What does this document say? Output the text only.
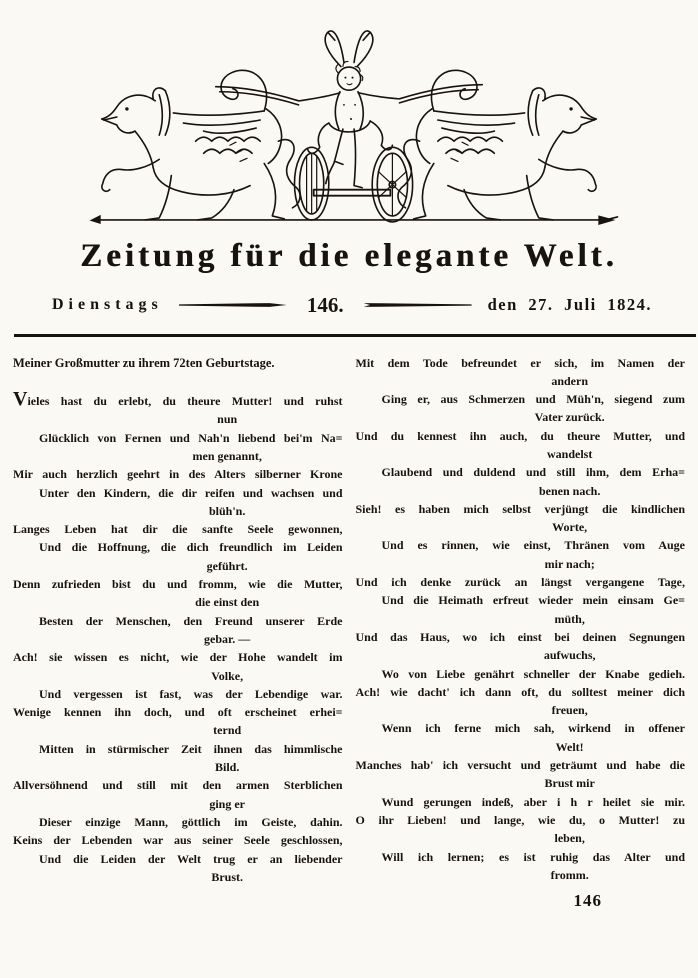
Zeitung für die elegante Welt.
Dienstags	146.	den 27. Juli 1824.
Meiner Großmutter zu ihrem 72ten Geburtstage.
Vieles hast du erlebt, du theure Mutter! und ruhst
nun
Glücklich von Fernen und Nah'n liebend bei'm Na=
men genannt,
Mir auch herzlich geehrt in des Alters silberner Krone
Unter den Kindern, die dir reifen und wachsen und
blüh'n.
Langes Leben hat dir die sanfte Seele gewonnen,
Und die Hoffnung, die dich freundlich im Leiden
geführt.
Denn zufrieden bist du und fromm, wie die Mutter,
die einst den
Besten der Menschen, den Freund unserer Erde
gebar. —
Ach! sie wissen es nicht, wie der Hohe wandelt im
Volke,
Und vergessen ist fast, was der Lebendige war.
Wenige kennen ihn doch, und oft erscheinet erhei=
ternd
Mitten in stürmischer Zeit ihnen das himmlische
Bild.
Allversöhnend und still mit den armen Sterblichen
ging er
Dieser einzige Mann, göttlich im Geiste, dahin.
Keins der Lebenden war aus seiner Seele geschlossen,
Und die Leiden der Welt trug er an liebender
Brust.
Mit dem Tode befreundet er sich, im Namen der
andern
Ging er, aus Schmerzen und Müh'n, siegend zum
Vater zurück.
Und du kennest ihn auch, du theure Mutter, und
wandelst
Glaubend und duldend und still ihm, dem Erha=
benen nach.
Sieh! es haben mich selbst verjüngt die kindlichen
Worte,
Und es rinnen, wie einst, Thränen vom Auge
mir nach;
Und ich denke zurück an längst vergangene Tage,
Und die Heimath erfreut wieder mein einsam Ge=
müth,
Und das Haus, wo ich einst bei deinen Segnungen
aufwuchs,
Wo von Liebe genährt schneller der Knabe gedieh.
Ach! wie dacht' ich dann oft, du solltest meiner dich
freuen,
Wenn ich ferne mich sah, wirkend in offener
Welt!
Manches hab' ich versucht und geträumt und habe die
Brust mir
Wund gerungen indeß, aber i h r heilet sie mir.
O ihr Lieben! und lange, wie du, o Mutter! zu
leben,
Will ich lernen; es ist ruhig das Alter und
fromm.
146
